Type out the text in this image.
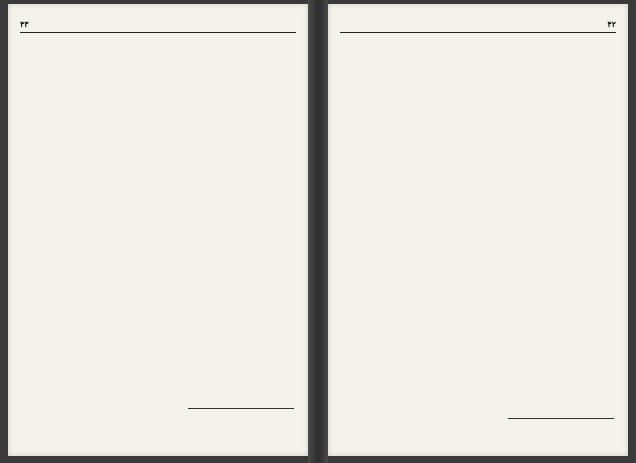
۴۳	۴۲
